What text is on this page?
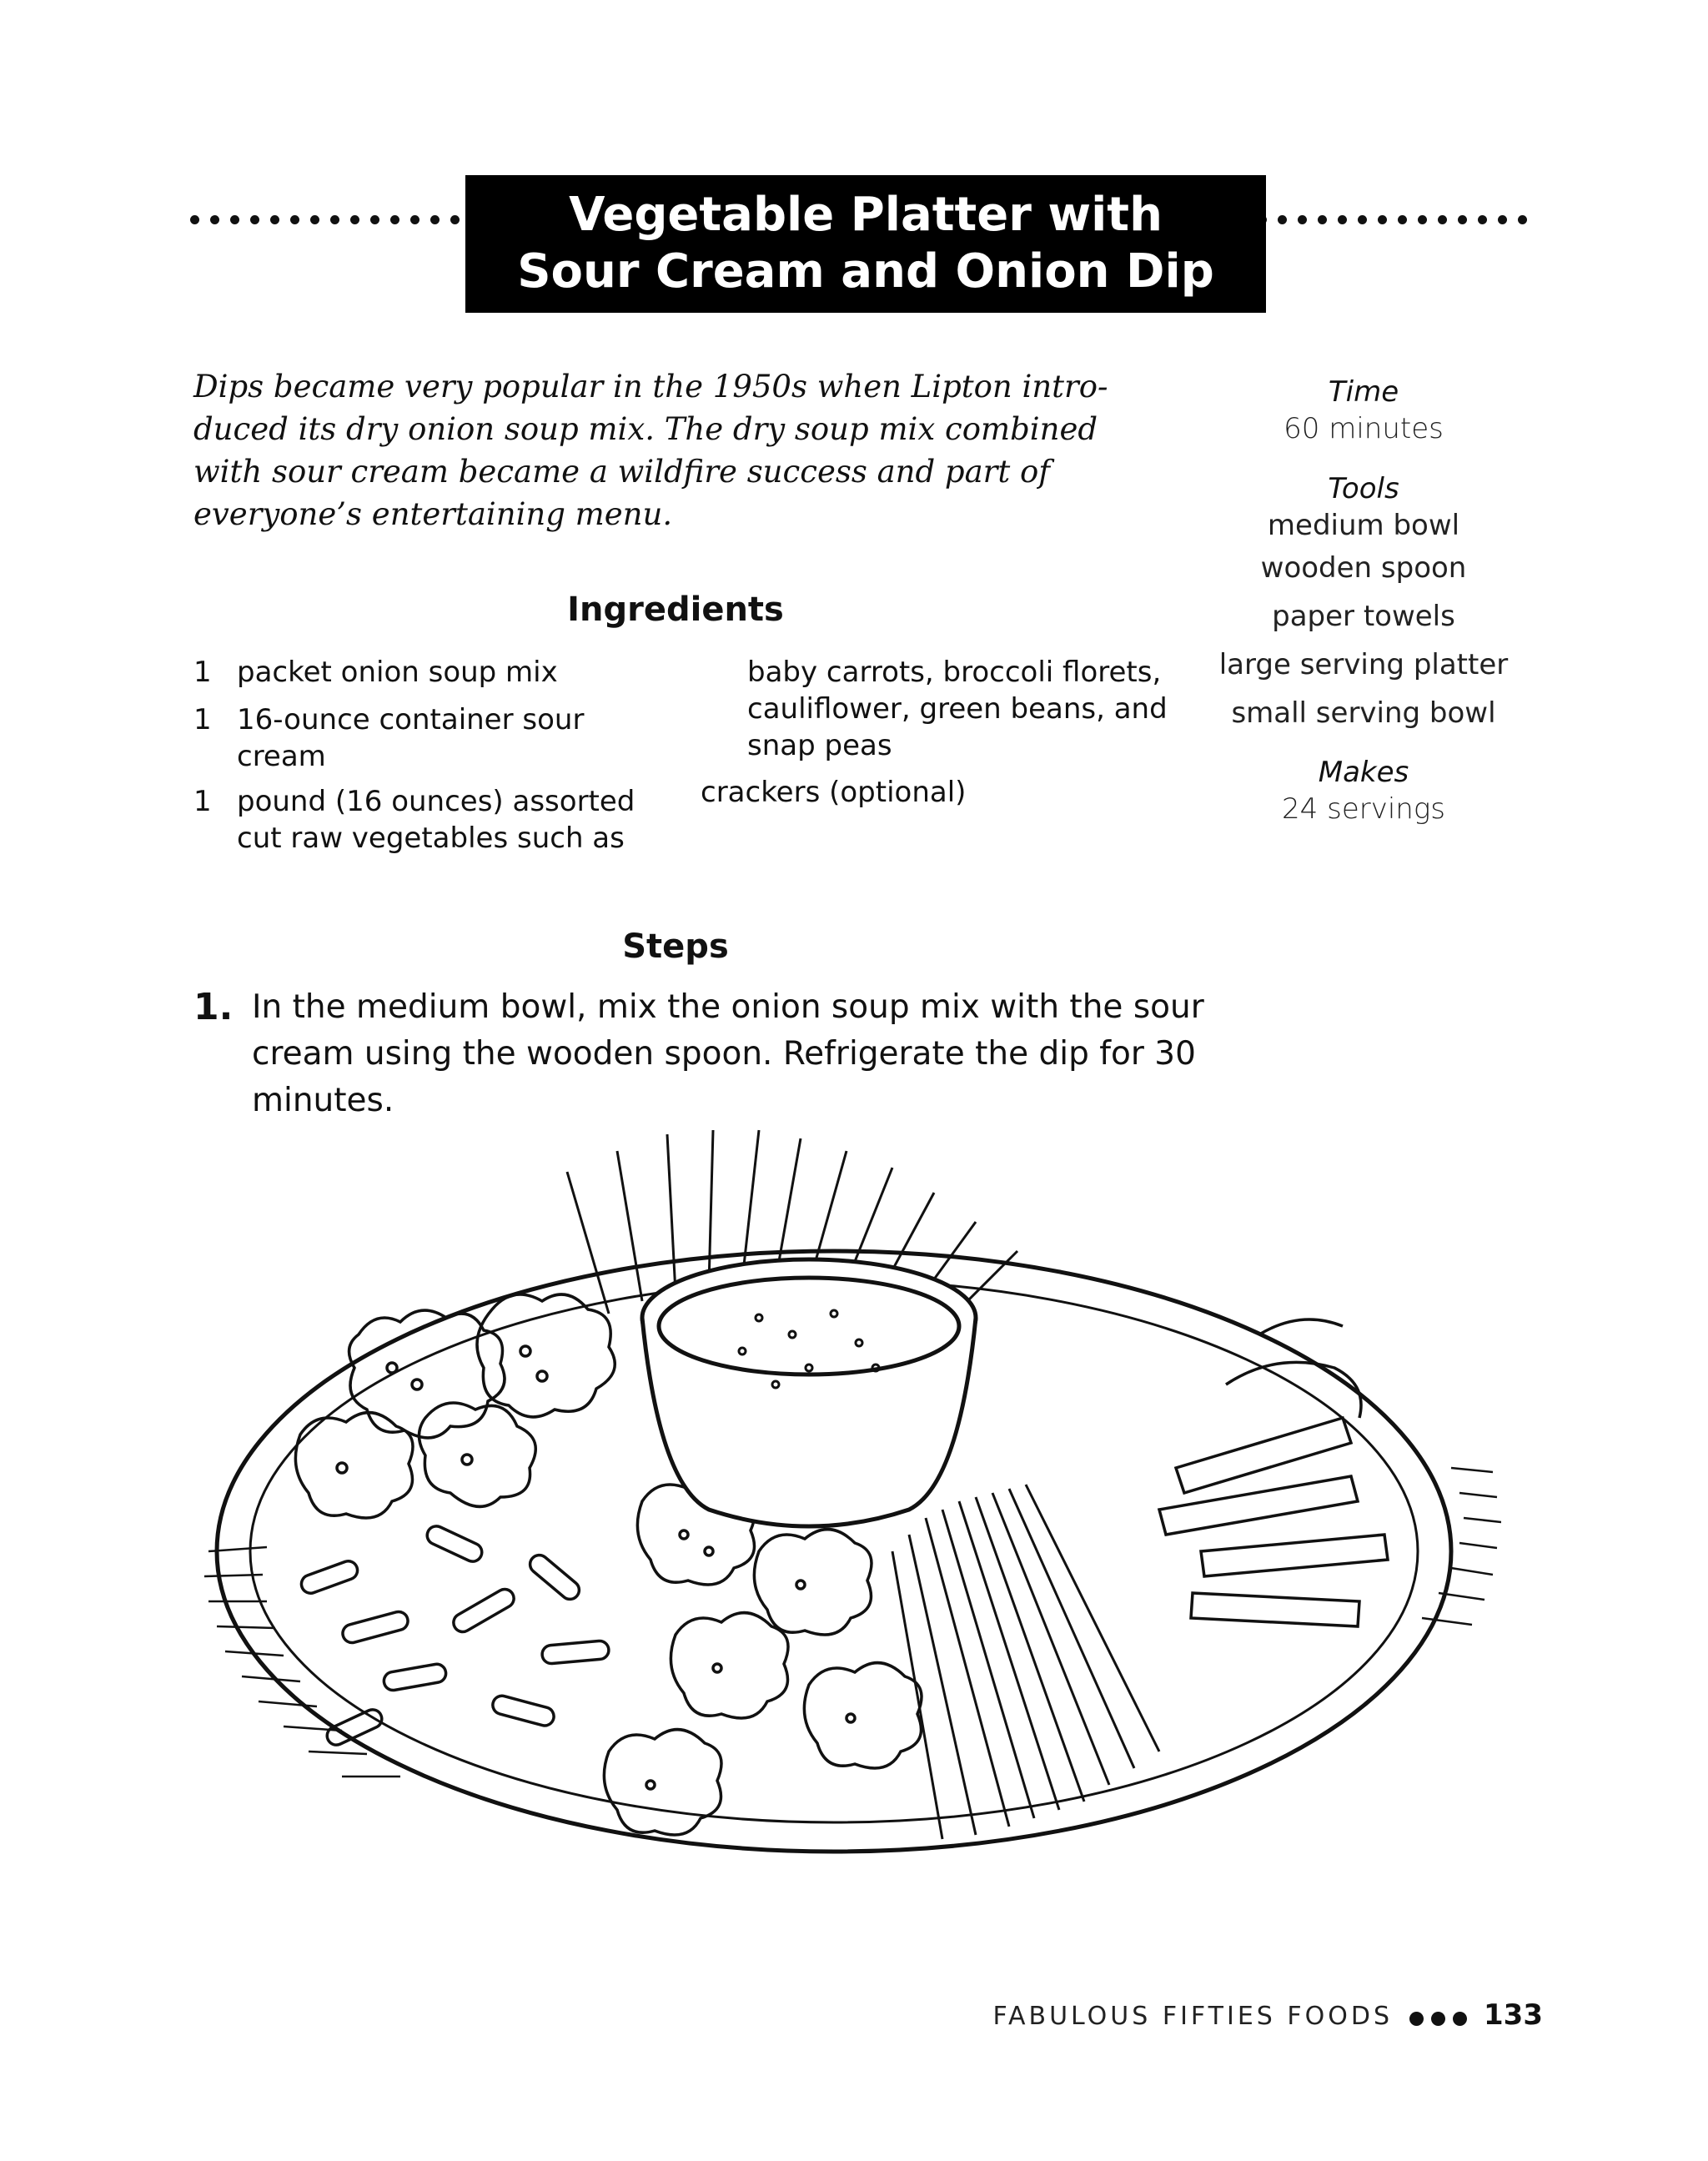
Vegetable Platter with
Sour Cream and Onion Dip
Dips became very popular in the 1950s when Lipton intro-
duced its dry onion soup mix. The dry soup mix combined
with sour cream became a wildfire success and part of
everyone’s entertaining menu.
Time
60 minutes
Tools
medium bowl
wooden spoon
paper towels
large serving platter
small serving bowl
Makes
24 servings
Ingredients
1 packet onion soup mix
1 16-ounce container sour
cream
1 pound (16 ounces) assorted
cut raw vegetables such as
baby carrots, broccoli florets,
cauliflower, green beans, and
snap peas
crackers (optional)
Steps
1. In the medium bowl, mix the onion soup mix with the sour
cream using the wooden spoon. Refrigerate the dip for 30
minutes.
FABULOUS FIFTIES FOODS	133
